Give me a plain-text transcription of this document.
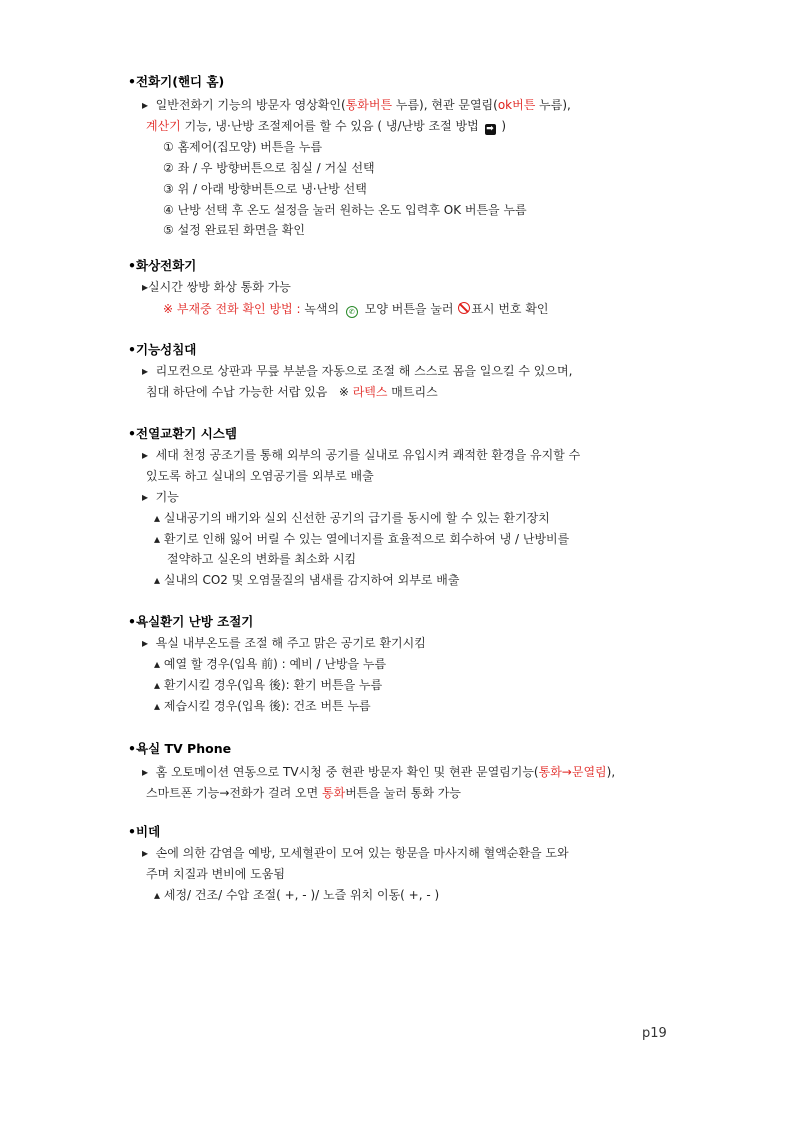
•전화기(핸디 홈)
▸ 일반전화기 기능의 방문자 영상확인(통화버튼 누름), 현관 문열림(ok버튼 누름),
계산기 기능, 냉·난방 조절제어를 할 수 있음 ( 냉/난방 조절 방법 ➡ )
① 홈제어(집모양) 버튼을 누름
② 좌 / 우 방향버튼으로 침실 / 거실 선택
③ 위 / 아래 방향버튼으로 냉·난방 선택
④ 난방 선택 후 온도 설정을 눌러 원하는 온도 입력후 OK 버튼을 누름
⑤ 설정 완료된 화면을 확인
•화상전화기
▸실시간 쌍방 화상 통화 가능
※ 부재중 전화 확인 방법 : 녹색의 ✆ 모양 버튼을 눌러 표시 번호 확인
•기능성침대
▸ 리모컨으로 상판과 무릎 부분을 자동으로 조절 해 스스로 몸을 일으킬 수 있으며,
침대 하단에 수납 가능한 서랍 있음   ※ 라텍스 매트리스
•전열교환기 시스템
▸ 세대 천정 공조기를 통해 외부의 공기를 실내로 유입시켜 쾌적한 환경을 유지할 수
있도록 하고 실내의 오염공기를 외부로 배출
▸ 기능
▴ 실내공기의 배기와 실외 신선한 공기의 급기를 동시에 할 수 있는 환기장치
▴ 환기로 인해 잃어 버릴 수 있는 열에너지를 효율적으로 회수하여 냉 / 난방비를
절약하고 실온의 변화를 최소화 시킴
▴ 실내의 CO2 및 오염물질의 냄새를 감지하여 외부로 배출
•욕실환기 난방 조절기
▸ 욕실 내부온도를 조절 해 주고 맑은 공기로 환기시킴
▴ 예열 할 경우(입욕 前) : 예비 / 난방을 누름
▴ 환기시킬 경우(입욕 後): 환기 버튼을 누름
▴ 제습시킬 경우(입욕 後): 건조 버튼 누름
•욕실 TV Phone
▸ 홈 오토메이션 연동으로 TV시청 중 현관 방문자 확인 및 현관 문열림기능(통화→문열림),
스마트폰 기능→전화가 걸려 오면 통화버튼을 눌러 통화 가능
•비데
▸ 손에 의한 감염을 예방, 모세혈관이 모여 있는 항문을 마사지해 혈액순환을 도와
주며 치질과 변비에 도움됨
▴ 세정/ 건조/ 수압 조절( +, - )/ 노즐 위치 이동( +, - )
p19
